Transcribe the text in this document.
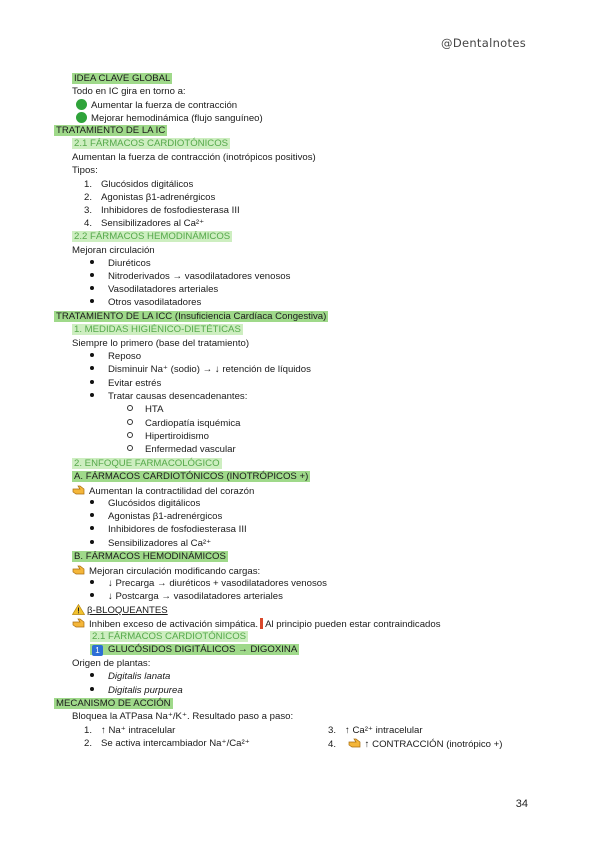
@Dentalnotes
IDEA CLAVE GLOBAL
Todo en IC gira en torno a:
Aumentar la fuerza de contracción
Mejorar hemodinámica (flujo sanguíneo)
TRATAMIENTO DE LA IC
2.1 FÁRMACOS CARDIOTÓNICOS
Aumentan la fuerza de contracción (inotrópicos positivos)
Tipos:
1. Glucósidos digitálicos
2. Agonistas β1-adrenérgicos
3. Inhibidores de fosfodiesterasa III
4. Sensibilizadores al Ca²⁺
2.2 FÁRMACOS HEMODINÁMICOS
Mejoran circulación
Diuréticos
Nitroderivados → vasodilatadores venosos
Vasodilatadores arteriales
Otros vasodilatadores
TRATAMIENTO DE LA ICC (Insuficiencia Cardíaca Congestiva)
1. MEDIDAS HIGIÉNICO-DIETÉTICAS
Siempre lo primero (base del tratamiento)
Reposo
Disminuir Na⁺ (sodio) → ↓ retención de líquidos
Evitar estrés
Tratar causas desencadenantes:
HTA
Cardiopatía isquémica
Hipertiroidismo
Enfermedad vascular
2. ENFOQUE FARMACOLÓGICO
A. FÁRMACOS CARDIOTÓNICOS (INOTRÓPICOS +)
Aumentan la contractilidad del corazón
Glucósidos digitálicos
Agonistas β1-adrenérgicos
Inhibidores de fosfodiesterasa III
Sensibilizadores al Ca²⁺
B. FÁRMACOS HEMODINÁMICOS
Mejoran circulación modificando cargas:
↓ Precarga → diuréticos + vasodilatadores venosos
↓ Postcarga → vasodilatadores arteriales
β-BLOQUEANTES
Inhiben exceso de activación simpática. Al principio pueden estar contraindicados
2.1 FÁRMACOS CARDIOTÓNICOS
1 GLUCÓSIDOS DIGITÁLICOS → DIGOXINA
Origen de plantas:
Digitalis lanata
Digitalis purpurea
MECANISMO DE ACCIÓN
Bloquea la ATPasa Na⁺/K⁺. Resultado paso a paso:
1. ↑ Na⁺ intracelular
2. Se activa intercambiador Na⁺/Ca²⁺
3. ↑ Ca²⁺ intracelular
4.	↑ CONTRACCIÓN (inotrópico +)
34
